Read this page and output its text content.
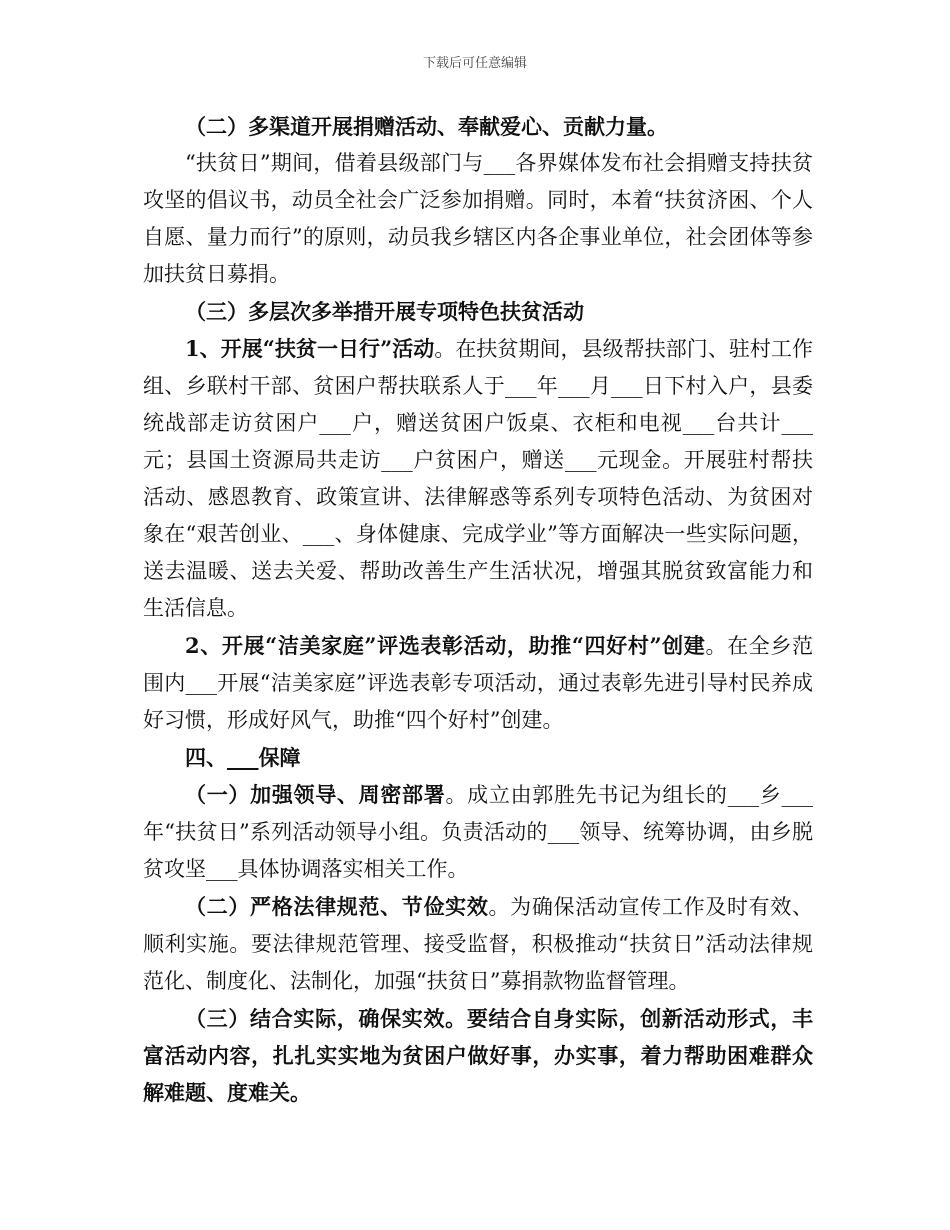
下载后可任意编辑

（二）多渠道开展捐赠活动、奉献爱心、贡献力量。

“扶贫日”期间，借着县级部门与___各界媒体发布社会捐赠支持扶贫攻坚的倡议书，动员全社会广泛参加捐赠。同时，本着“扶贫济困、个人自愿、量力而行”的原则，动员我乡辖区内各企事业单位，社会团体等参加扶贫日募捐。

（三）多层次多举措开展专项特色扶贫活动

1、开展“扶贫一日行”活动。在扶贫期间，县级帮扶部门、驻村工作组、乡联村干部、贫困户帮扶联系人于___年___月___日下村入户，县委统战部走访贫困户___户，赠送贫困户饭桌、衣柜和电视___台共计___元；县国土资源局共走访___户贫困户，赠送___元现金。开展驻村帮扶活动、感恩教育、政策宣讲、法律解惑等系列专项特色活动、为贫困对象在“艰苦创业、___、身体健康、完成学业”等方面解决一些实际问题，送去温暖、送去关爱、帮助改善生产生活状况，增强其脱贫致富能力和生活信息。

2、开展“洁美家庭”评选表彰活动，助推“四好村”创建。在全乡范围内___开展“洁美家庭”评选表彰专项活动，通过表彰先进引导村民养成好习惯，形成好风气，助推“四个好村”创建。

四、___保障

（一）加强领导、周密部署。成立由郭胜先书记为组长的___乡___年“扶贫日”系列活动领导小组。负责活动的___领导、统筹协调，由乡脱贫攻坚___具体协调落实相关工作。

（二）严格法律规范、节俭实效。为确保活动宣传工作及时有效、顺利实施。要法律规范管理、接受监督，积极推动“扶贫日”活动法律规范化、制度化、法制化，加强“扶贫日”募捐款物监督管理。

（三）结合实际，确保实效。要结合自身实际，创新活动形式，丰富活动内容，扎扎实实地为贫困户做好事，办实事，着力帮助困难群众解难题、度难关。
